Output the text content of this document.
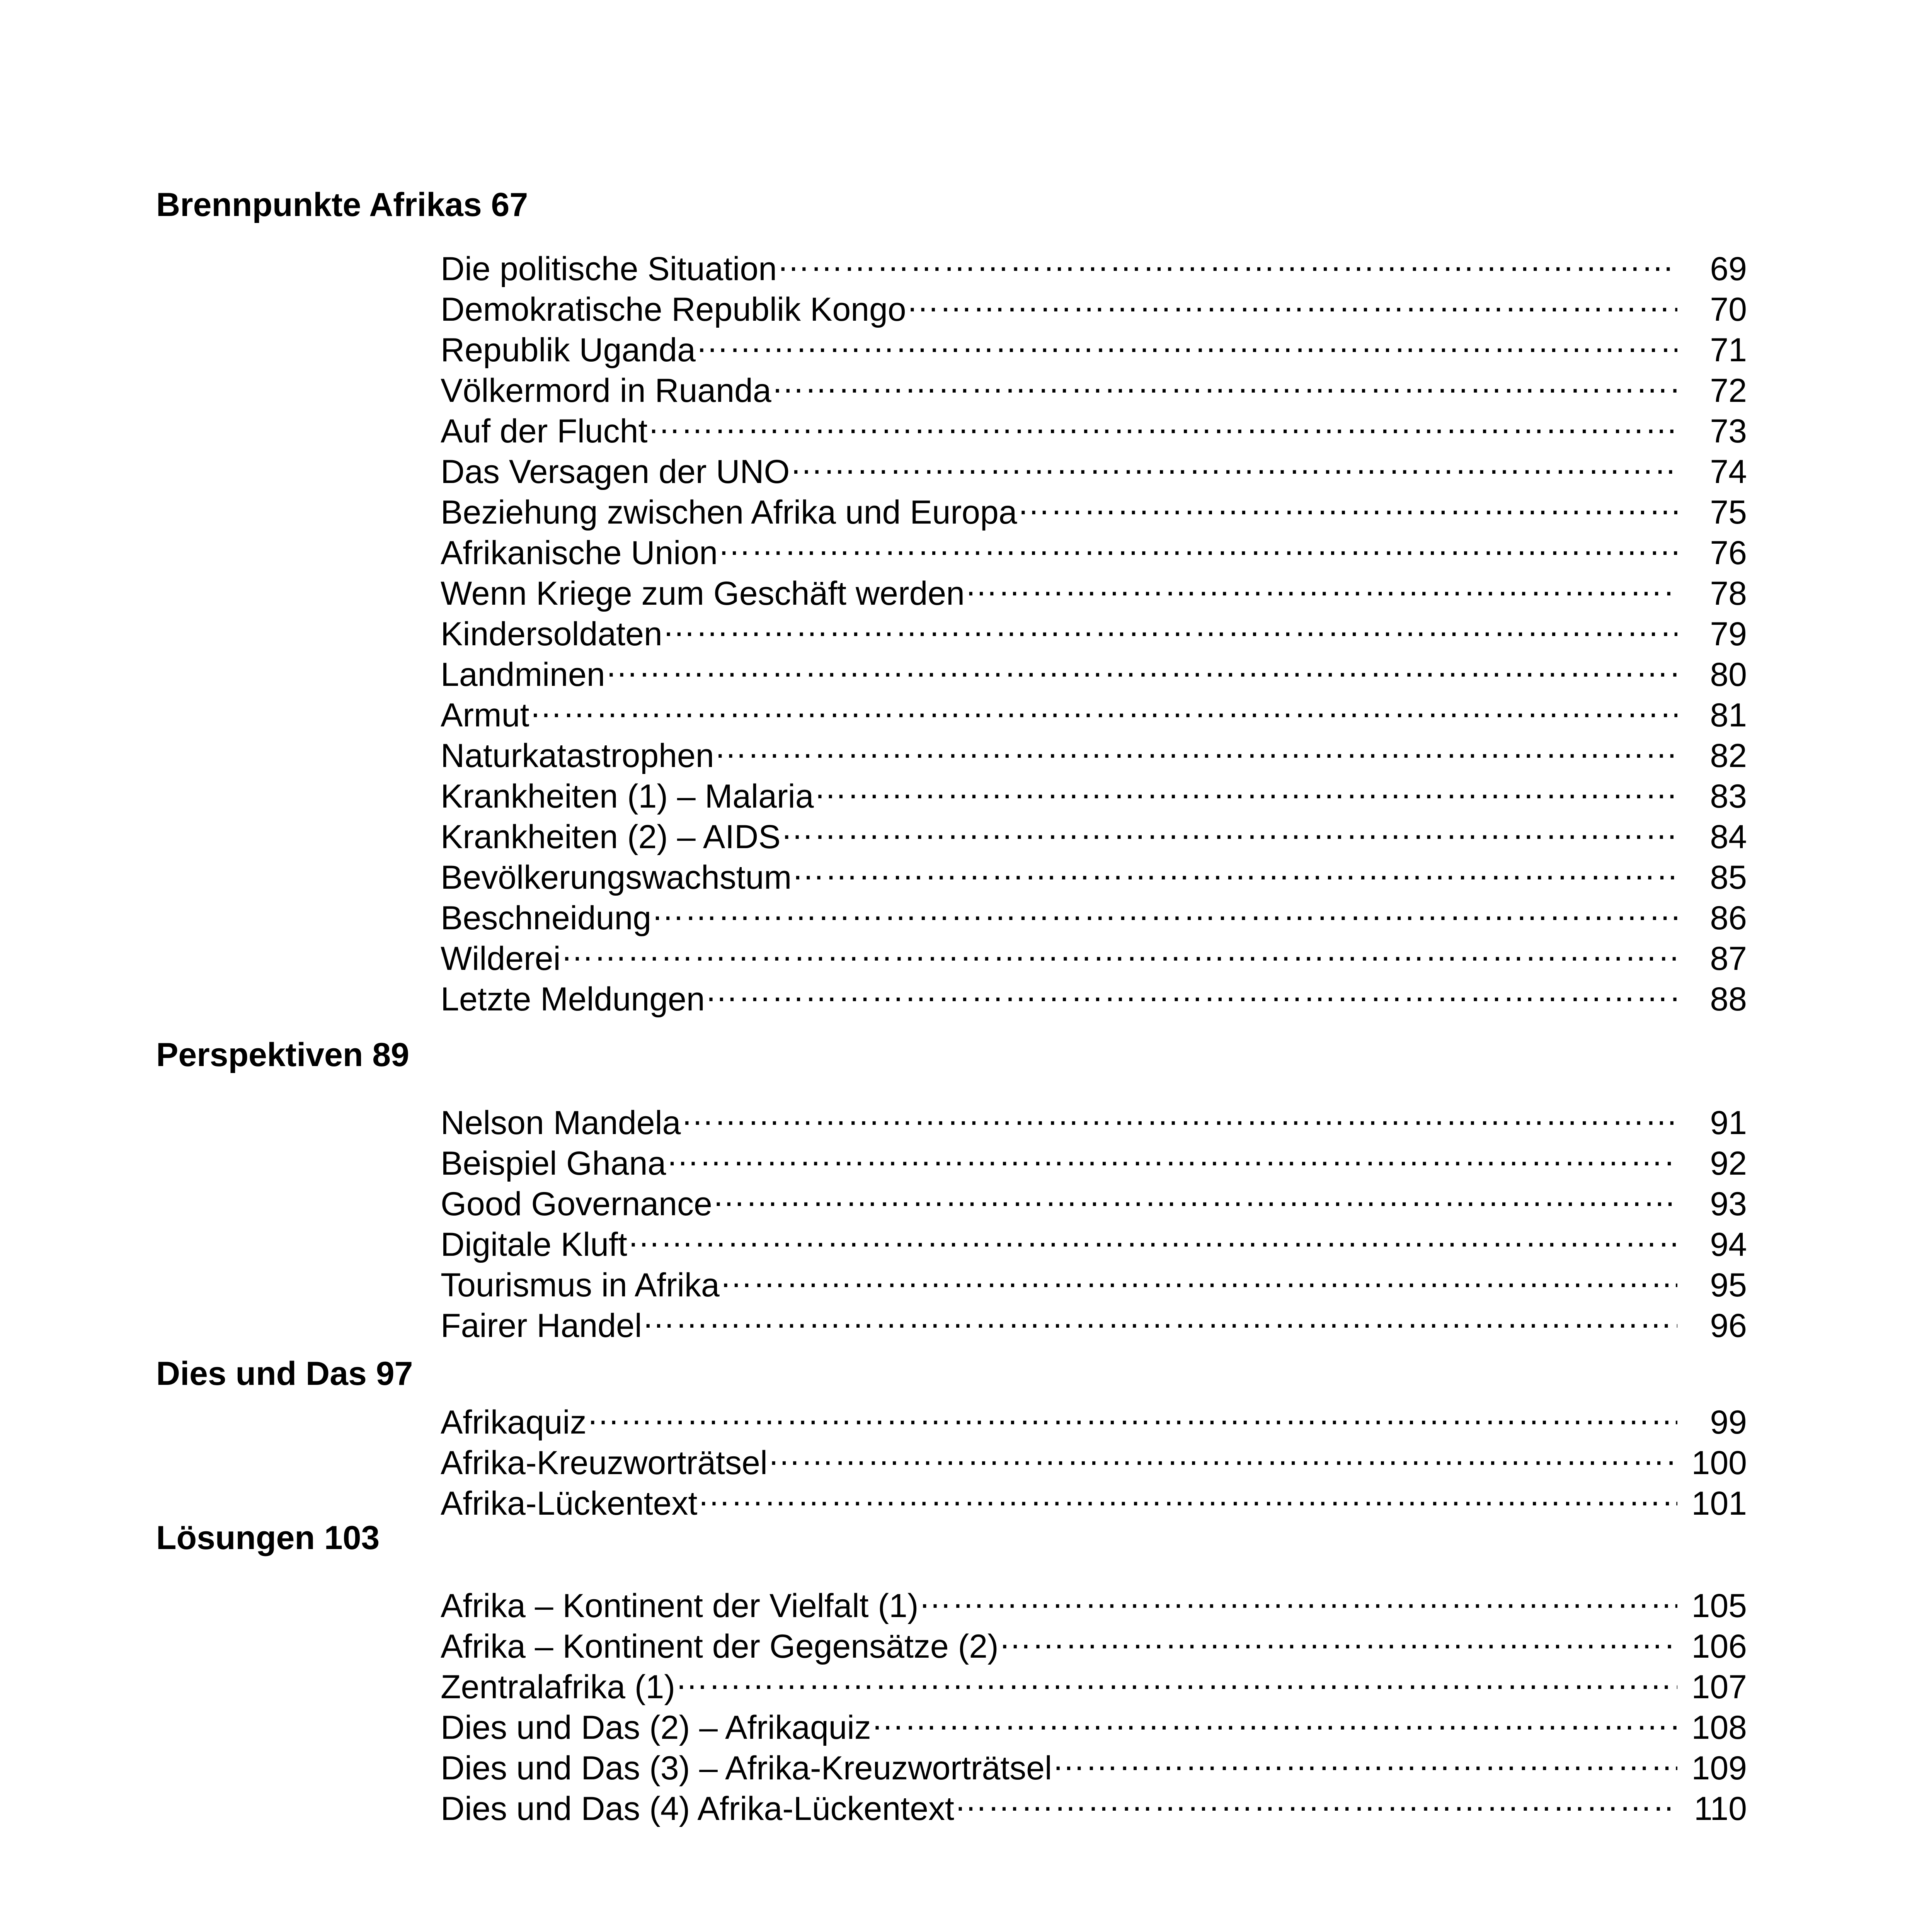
Brennpunkte Afrikas 67
Die politische Situation ……………………………………………………………………………………………………………………………………………………………………………………………………	69
Demokratische Republik Kongo ……………………………………………………………………………………………………………………………………………………………………………………………………	70
Republik Uganda ……………………………………………………………………………………………………………………………………………………………………………………………………	71
Völkermord in Ruanda ……………………………………………………………………………………………………………………………………………………………………………………………………	72
Auf der Flucht ……………………………………………………………………………………………………………………………………………………………………………………………………	73
Das Versagen der UNO ……………………………………………………………………………………………………………………………………………………………………………………………………	74
Beziehung zwischen Afrika und Europa ……………………………………………………………………………………………………………………………………………………………………………………………………	75
Afrikanische Union ……………………………………………………………………………………………………………………………………………………………………………………………………	76
Wenn Kriege zum Geschäft werden ……………………………………………………………………………………………………………………………………………………………………………………………………	78
Kindersoldaten ……………………………………………………………………………………………………………………………………………………………………………………………………	79
Landminen ……………………………………………………………………………………………………………………………………………………………………………………………………	80
Armut ……………………………………………………………………………………………………………………………………………………………………………………………………	81
Naturkatastrophen ……………………………………………………………………………………………………………………………………………………………………………………………………	82
Krankheiten (1) – Malaria ……………………………………………………………………………………………………………………………………………………………………………………………………	83
Krankheiten (2) – AIDS ……………………………………………………………………………………………………………………………………………………………………………………………………	84
Bevölkerungswachstum ……………………………………………………………………………………………………………………………………………………………………………………………………	85
Beschneidung ……………………………………………………………………………………………………………………………………………………………………………………………………	86
Wilderei ……………………………………………………………………………………………………………………………………………………………………………………………………	87
Letzte Meldungen ……………………………………………………………………………………………………………………………………………………………………………………………………	88
Perspektiven 89
Nelson Mandela ……………………………………………………………………………………………………………………………………………………………………………………………………	91
Beispiel Ghana ……………………………………………………………………………………………………………………………………………………………………………………………………	92
Good Governance ……………………………………………………………………………………………………………………………………………………………………………………………………	93
Digitale Kluft ……………………………………………………………………………………………………………………………………………………………………………………………………	94
Tourismus in Afrika ……………………………………………………………………………………………………………………………………………………………………………………………………	95
Fairer Handel ……………………………………………………………………………………………………………………………………………………………………………………………………	96
Dies und Das 97
Afrikaquiz ……………………………………………………………………………………………………………………………………………………………………………………………………	99
Afrika-Kreuzworträtsel ……………………………………………………………………………………………………………………………………………………………………………………………………	100
Afrika-Lückentext ……………………………………………………………………………………………………………………………………………………………………………………………………	101
Lösungen 103
Afrika – Kontinent der Vielfalt (1) ……………………………………………………………………………………………………………………………………………………………………………………………………	105
Afrika – Kontinent der Gegensätze (2) ……………………………………………………………………………………………………………………………………………………………………………………………………	106
Zentralafrika (1) ……………………………………………………………………………………………………………………………………………………………………………………………………	107
Dies und Das (2) – Afrikaquiz ……………………………………………………………………………………………………………………………………………………………………………………………………	108
Dies und Das (3) – Afrika-Kreuzworträtsel ……………………………………………………………………………………………………………………………………………………………………………………………………	109
Dies und Das (4) Afrika-Lückentext ……………………………………………………………………………………………………………………………………………………………………………………………………	110
